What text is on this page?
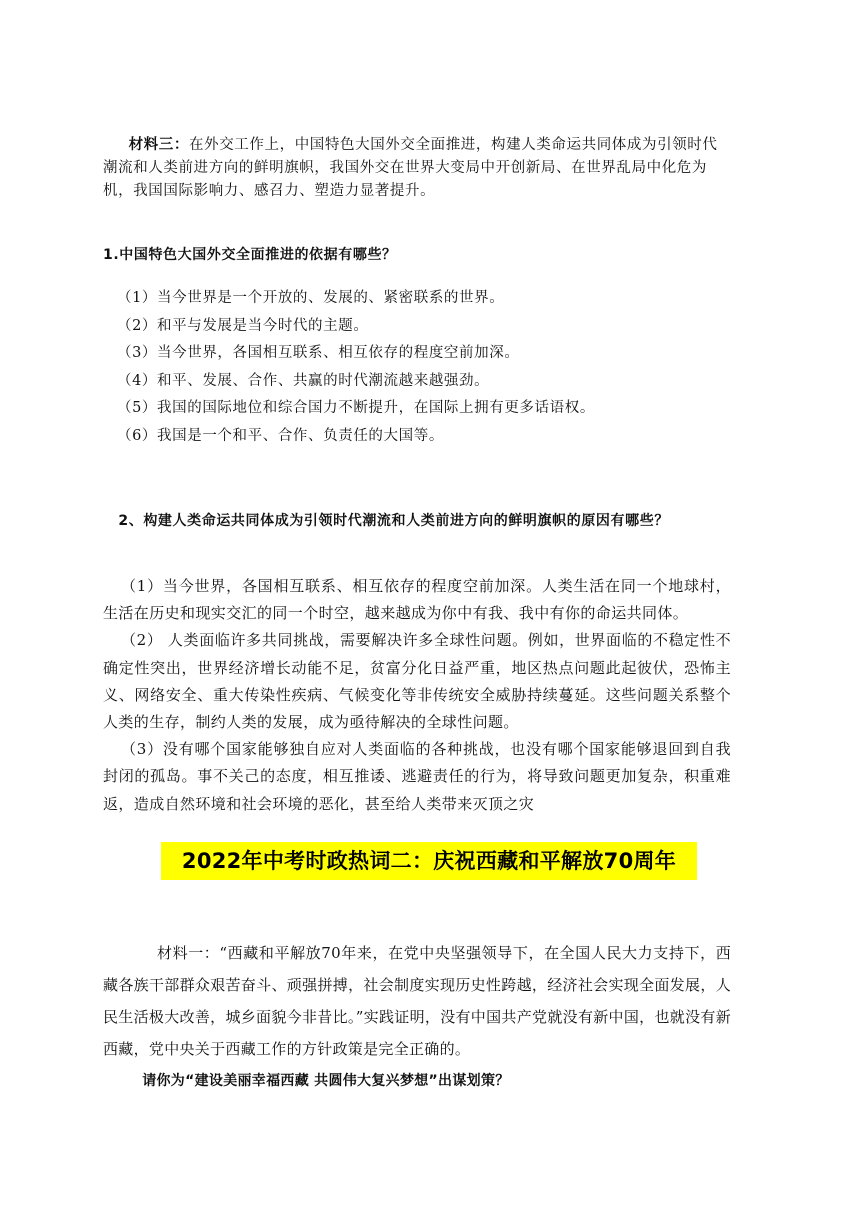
材料三：在外交工作上，中国特色大国外交全面推进，构建人类命运共同体成为引领时代潮流和人类前进方向的鲜明旗帜，我国外交在世界大变局中开创新局、在世界乱局中化危为机，我国国际影响力、感召力、塑造力显著提升。

1.中国特色大国外交全面推进的依据有哪些？

（1）当今世界是一个开放的、发展的、紧密联系的世界。

（2）和平与发展是当今时代的主题。

（3）当今世界，各国相互联系、相互依存的程度空前加深。

（4）和平、发展、合作、共赢的时代潮流越来越强劲。

（5）我国的国际地位和综合国力不断提升，在国际上拥有更多话语权。

（6）我国是一个和平、合作、负责任的大国等。

2、构建人类命运共同体成为引领时代潮流和人类前进方向的鲜明旗帜的原因有哪些？

（1）当今世界，各国相互联系、相互依存的程度空前加深。人类生活在同一个地球村，生活在历史和现实交汇的同一个时空，越来越成为你中有我、我中有你的命运共同体。

（2） 人类面临许多共同挑战，需要解决许多全球性问题。例如，世界面临的不稳定性不确定性突出，世界经济增长动能不足，贫富分化日益严重，地区热点问题此起彼伏，恐怖主义、网络安全、重大传染性疾病、气候变化等非传统安全威胁持续蔓延。这些问题关系整个人类的生存，制约人类的发展，成为亟待解决的全球性问题。

（3）没有哪个国家能够独自应对人类面临的各种挑战，也没有哪个国家能够退回到自我封闭的孤岛。事不关己的态度，相互推诿、逃避责任的行为，将导致问题更加复杂，积重难返，造成自然环境和社会环境的恶化，甚至给人类带来灭顶之灾

2022年中考时政热词二：庆祝西藏和平解放70周年

材料一：“西藏和平解放70年来，在党中央坚强领导下，在全国人民大力支持下，西藏各族干部群众艰苦奋斗、顽强拼搏，社会制度实现历史性跨越，经济社会实现全面发展，人民生活极大改善，城乡面貌今非昔比。”实践证明，没有中国共产党就没有新中国，也就没有新西藏，党中央关于西藏工作的方针政策是完全正确的。

请你为“建设美丽幸福西藏 共圆伟大复兴梦想”出谋划策？
